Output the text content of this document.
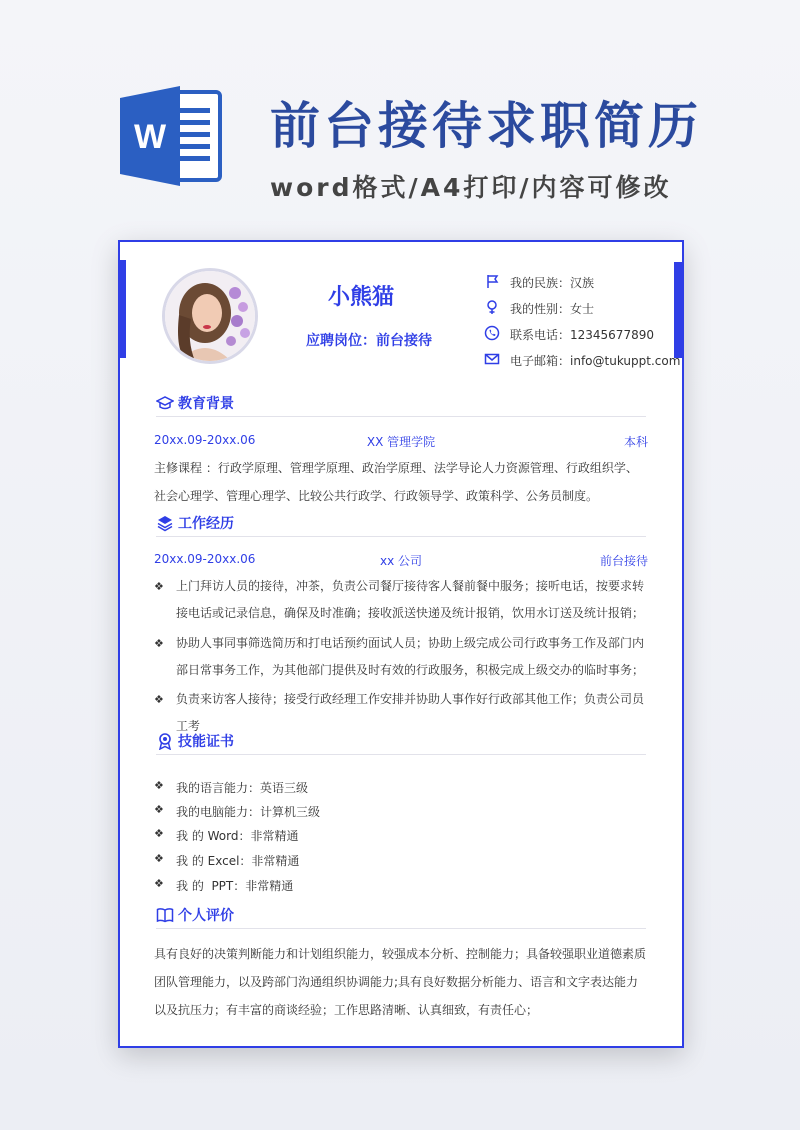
W 前台接待求职简历
word格式/A4打印/内容可修改
小熊猫
应聘岗位：前台接待
我的民族：汉族
我的性别：女士
联系电话：12345677890
电子邮箱：info@tukuppt.com
教育背景
20xx.09-20xx.06	XX 管理学院	本科
主修课程 ：行政学原理、管理学原理、政治学原理、法学导论人力资源管理、行政组织学、社会心理学、管理心理学、比较公共行政学、行政领导学、政策科学、公务员制度。
工作经历
20xx.09-20xx.06	xx 公司	前台接待
❖ 上门拜访人员的接待，冲茶，负责公司餐厅接待客人餐前餐中服务；接听电话，按要求转接电话或记录信息，确保及时准确；接收派送快递及统计报销，饮用水订送及统计报销；
❖ 协助人事同事筛选简历和打电话预约面试人员；协助上级完成公司行政事务工作及部门内部日常事务工作，为其他部门提供及时有效的行政服务，积极完成上级交办的临时事务；
❖ 负责来访客人接待；接受行政经理工作安排并协助人事作好行政部其他工作；负责公司员工考
技能证书
❖ 我的语言能力：英语三级
❖ 我的电脑能力：计算机三级
❖ 我 的 Word：非常精通
❖ 我 的 Excel：非常精通
❖ 我 的  PPT：非常精通
个人评价
具有良好的决策判断能力和计划组织能力，较强成本分析、控制能力；具备较强职业道德素质团队管理能力，以及跨部门沟通组织协调能力;具有良好数据分析能力、语言和文字表达能力以及抗压力；有丰富的商谈经验；工作思路清晰、认真细致，有责任心；
